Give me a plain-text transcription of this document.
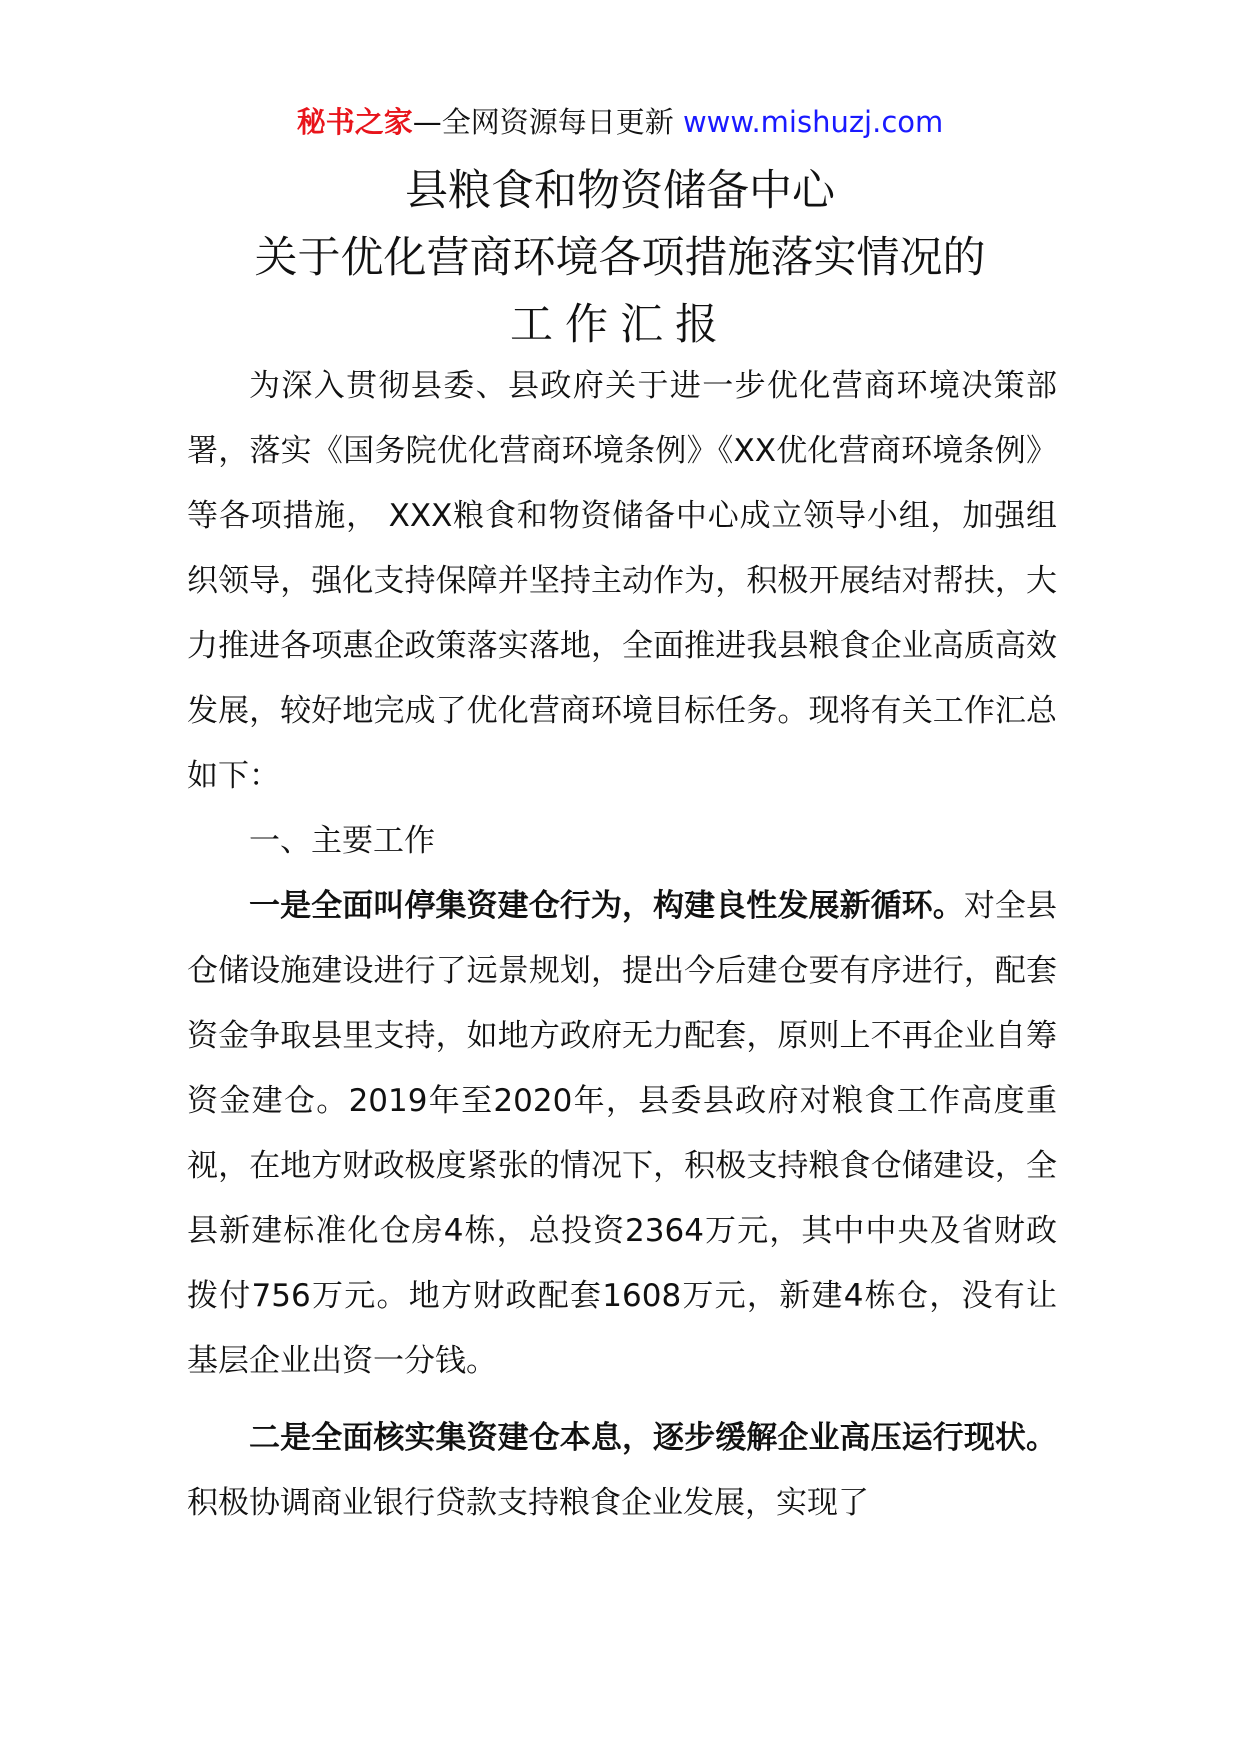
秘书之家—全网资源每日更新 www.mishuzj.com
县粮食和物资储备中心
关于优化营商环境各项措施落实情况的
工作汇报

为深入贯彻县委、县政府关于进一步优化营商环境决策部署，落实《国务院优化营商环境条例》《XX优化营商环境条例》等各项措施， XXX粮食和物资储备中心成立领导小组，加强组织领导，强化支持保障并坚持主动作为，积极开展结对帮扶，大力推进各项惠企政策落实落地，全面推进我县粮食企业高质高效发展，较好地完成了优化营商环境目标任务。现将有关工作汇总如下：

一、主要工作

一是全面叫停集资建仓行为，构建良性发展新循环。对全县仓储设施建设进行了远景规划，提出今后建仓要有序进行，配套资金争取县里支持，如地方政府无力配套，原则上不再企业自筹资金建仓。2019年至2020年，县委县政府对粮食工作高度重视，在地方财政极度紧张的情况下，积极支持粮食仓储建设，全县新建标准化仓房4栋，总投资2364万元，其中中央及省财政拨付756万元。地方财政配套1608万元，新建4栋仓，没有让基层企业出资一分钱。

二是全面核实集资建仓本息，逐步缓解企业高压运行现状。积极协调商业银行贷款支持粮食企业发展，实现了
